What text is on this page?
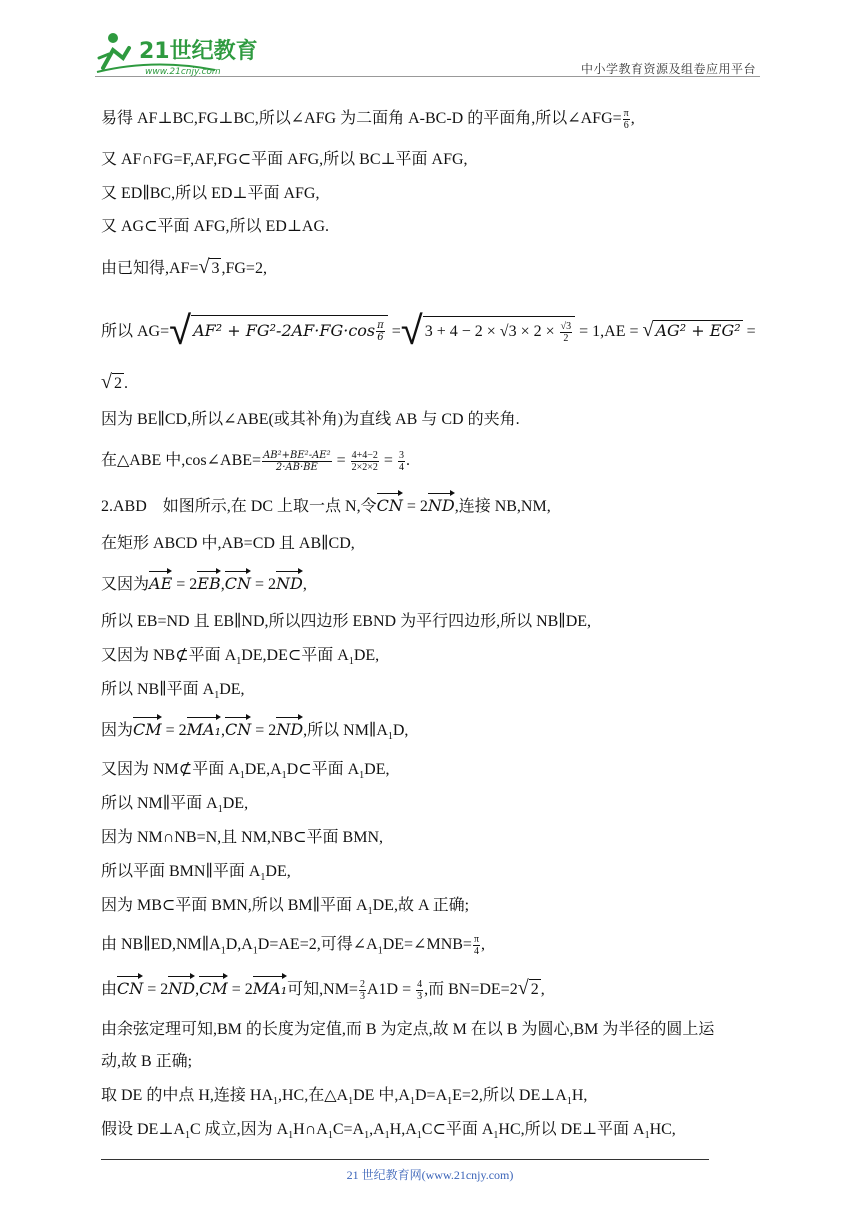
21世纪教育
www.21cnjy.com	中小学教育资源及组卷应用平台
易得 AF⊥BC,FG⊥BC,所以∠AFG 为二面角 A-BC-D 的平面角,所以∠AFG= $\frac{\pi}{6}$ ,
又 AF∩FG=F,AF,FG⊂平面 AFG,所以 BC⊥平面 AFG,
又 ED∥BC,所以 ED⊥平面 AFG,
又 AG⊂平面 AFG,所以 ED⊥AG.
由已知得,AF=√ 3 ,FG=2,
所以 AG=√ $AF^2 + FG^2-2AF\cdot FG\cdot\cos \frac{\pi}{6}$ =√ $3 + 4 - 2 \times √3 \times 2 \times \frac{√3}{2} = 1,AE$ = √ AG² + EG² =
√ 2 .
因为 BE∥CD,所以∠ABE(或其补角)为直线 AB 与 CD 的夹角.
在△ABE 中,cos∠ABE= $\frac{\text{AB²+BE²-AE²}}{2\cdot AB\cdot BE} = \frac{4+4-2}{2\times 2\times 2} = \frac{3}{4}$ .
2.ABD 如图所示,在 DC 上取一点 N,令CN = 2ND,连接 NB,NM,
在矩形 ABCD 中,AB=CD 且 AB∥CD,
又因为AE = 2EB,CN = 2ND,
所以 EB=ND 且 EB∥ND,所以四边形 EBND 为平行四边形,所以 NB∥DE,
又因为 NB⊄平面 $A_1DE,DE\subset$平面 $A_1DE$,
所以 NB∥平面 $A_1DE$,
因为CM = 2MA₁,CN = 2ND,所以 $NM\parallel A_1D$,
又因为 NM⊄平面 $A_1DE,A_1D\subset$平面 $A_1DE$,
所以 NM∥平面 $A_1DE$,
因为 NM∩NB=N,且 NM,NB⊂平面 BMN,
所以平面 BMN∥平面 $A_1DE$,
因为 MB⊂平面 BMN,所以 BM∥平面 $A_1DE$,故 A 正确;
由 $NB\parallel ED,NM\parallel A_1D,A_1D=AE=2$,可得$\angle A_1DE=\angle MNB= \frac{\pi}{4}$ ,
由CN = 2ND,CM = 2MA₁可知$,NM= \frac{2}{3} A1D = \frac{4}{3}$ ,而 BN=DE=2√ 2 ,
由余弦定理可知,BM 的长度为定值,而 B 为定点,故 M 在以 B 为圆心,BM 为半径的圆上运
动,故 B 正确;
取 DE 的中点 H,连接 $HA_1,HC$,在$\triangle A_1DE$ 中$,A_1D=A_1E=2$,所以 $DE\perp A_1H$,
假设 $DE\perp A_1C$ 成立,因为 $A_1H\cap A_1C=A_1,A_1H,A_1C\subset$平面 $A_1HC$,所以 DE⊥平面 $A_1HC$,
21 世纪教育网(www.21cnjy.com)
